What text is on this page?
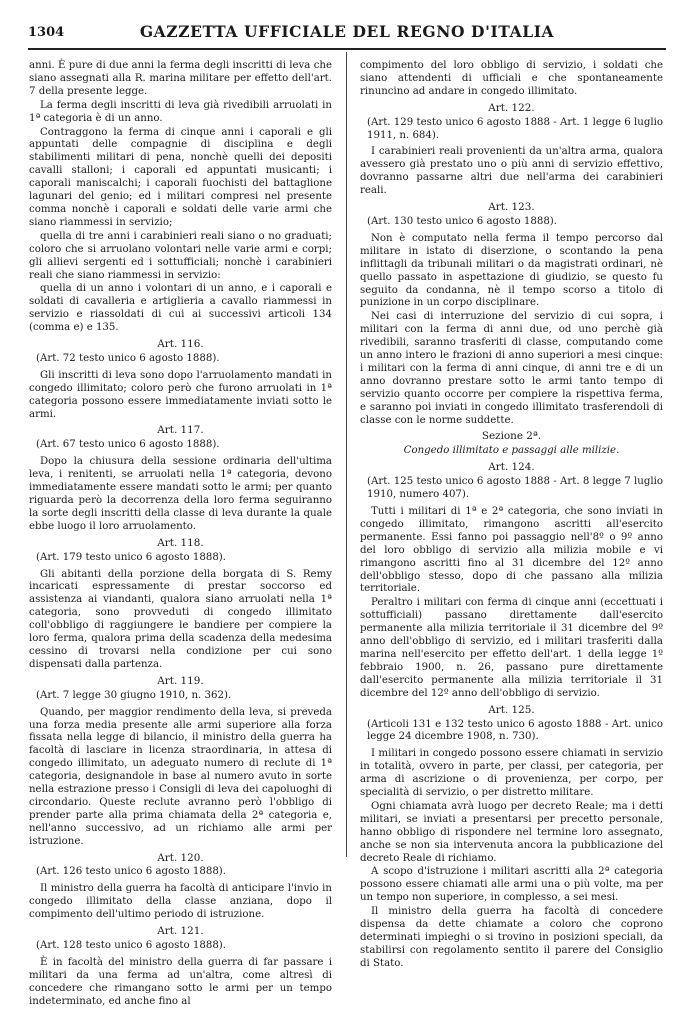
1304	GAZZETTA UFFICIALE DEL REGNO D'ITALIA

anni. È pure di due anni la ferma degli inscritti di leva che siano assegnati alla R. marina militare per effetto dell'art. 7 della presente legge.

La ferma degli inscritti di leva già rivedibili arruolati in 1ª categoria è di un anno.

Contraggono la ferma di cinque anni i caporali e gli appuntati delle compagnie di disciplina e degli stabilimenti militari di pena, nonchè quelli dei depositi cavalli stalloni; i caporali ed appuntati musicanti; i caporali maniscalchi; i caporali fuochisti del battaglione lagunari del genio; ed i militari compresi nel presente comma nonchè i caporali e soldati delle varie armi che siano riammessi in servizio;

quella di tre anni i carabinieri reali siano o no graduati; coloro che si arruolano volontari nelle varie armi e corpi; gli allievi sergenti ed i sottufficiali; nonchè i carabinieri reali che siano riammessi in servizio:

quella di un anno i volontari di un anno, e i caporali e soldati di cavalleria e artiglieria a cavallo riammessi in servizio e riassoldati di cui ai successivi articoli 134 (comma e) e 135.

Art. 116.

(Art. 72 testo unico 6 agosto 1888).

Gli inscritti di leva sono dopo l'arruolamento mandati in congedo illimitato; coloro però che furono arruolati in 1ª categoria possono essere immediatamente inviati sotto le armi.

Art. 117.

(Art. 67 testo unico 6 agosto 1888).

Dopo la chiusura della sessione ordinaria dell'ultima leva, i renitenti, se arruolati nella 1ª categoria, devono immediatamente essere mandati sotto le armi; per quanto riguarda però la decorrenza della loro ferma seguiranno la sorte degli inscritti della classe di leva durante la quale ebbe luogo il loro arruolamento.

Art. 118.

(Art. 179 testo unico 6 agosto 1888).

Gli abitanti della porzione della borgata di S. Remy incaricati espressamente di prestar soccorso ed assistenza ai viandanti, qualora siano arruolati nella 1ª categoria, sono provveduti di congedo illimitato coll'obbligo di raggiungere le bandiere per compiere la loro ferma, qualora prima della scadenza della medesima cessino di trovarsi nella condizione per cui sono dispensati dalla partenza.

Art. 119.

(Art. 7 legge 30 giugno 1910, n. 362).

Quando, per maggior rendimento della leva, si preveda una forza media presente alle armi superiore alla forza fissata nella legge di bilancio, il ministro della guerra ha facoltà di lasciare in licenza straordinaria, in attesa di congedo illimitato, un adeguato numero di reclute di 1ª categoria, designandole in base al numero avuto in sorte nella estrazione presso i Consigli di leva dei capoluoghi di circondario. Queste reclute avranno però l'obbligo di prender parte alla prima chiamata della 2ª categoria e, nell'anno successivo, ad un richiamo alle armi per istruzione.

Art. 120.

(Art. 126 testo unico 6 agosto 1888).

Il ministro della guerra ha facoltà di anticipare l'invio in congedo illimitato della classe anziana, dopo il compimento dell'ultimo periodo di istruzione.

Art. 121.

(Art. 128 testo unico 6 agosto 1888).

È in facoltà del ministro della guerra di far passare i militari da una ferma ad un'altra, come altresì di concedere che rimangano sotto le armi per un tempo indeterminato, ed anche fino al

compimento del loro obbligo di servizio, i soldati che siano attendenti di ufficiali e che spontaneamente rinuncino ad andare in congedo illimitato.

Art. 122.

(Art. 129 testo unico 6 agosto 1888 - Art. 1 legge 6 luglio 1911, n. 684).

I carabinieri reali provenienti da un'altra arma, qualora avessero già prestato uno o più anni di servizio effettivo, dovranno passarne altri due nell'arma dei carabinieri reali.

Art. 123.

(Art. 130 testo unico 6 agosto 1888).

Non è computato nella ferma il tempo percorso dal militare in istato di diserzione, o scontando la pena inflittagli da tribunali militari o da magistrati ordinari, nè quello passato in aspettazione di giudizio, se questo fu seguito da condanna, nè il tempo scorso a titolo di punizione in un corpo disciplinare.

Nei casi di interruzione del servizio di cui sopra, i militari con la ferma di anni due, od uno perchè già rivedibili, saranno trasferiti di classe, computando come un anno intero le frazioni di anno superiori a mesi cinque: i militari con la ferma di anni cinque, di anni tre e di un anno dovranno prestare sotto le armi tanto tempo di servizio quanto occorre per compiere la rispettiva ferma, e saranno poi inviati in congedo illimitato trasferendoli di classe con le norme suddette.

Sezione 2ª.
Congedo illimitato e passaggi alle milizie.
Art. 124.

(Art. 125 testo unico 6 agosto 1888 - Art. 8 legge 7 luglio 1910, numero 407).

Tutti i militari di 1ª e 2ª categoria, che sono inviati in congedo illimitato, rimangono ascritti all'esercito permanente. Essi fanno poi passaggio nell'8º o 9º anno del loro obbligo di servizio alla milizia mobile e vi rimangono ascritti fino al 31 dicembre del 12º anno dell'obbligo stesso, dopo di che passano alla milizia territoriale.

Peraltro i militari con ferma di cinque anni (eccettuati i sottufficiali) passano direttamente dall'esercito permanente alla milizia territoriale il 31 dicembre del 9º anno dell'obbligo di servizio, ed i militari trasferiti dalla marina nell'esercito per effetto dell'art. 1 della legge 1º febbraio 1900, n. 26, passano pure direttamente dall'esercito permanente alla milizia territoriale il 31 dicembre del 12º anno dell'obbligo di servizio.

Art. 125.

(Articoli 131 e 132 testo unico 6 agosto 1888 - Art. unico legge 24 dicembre 1908, n. 730).

I militari in congedo possono essere chiamati in servizio in totalità, ovvero in parte, per classi, per categoria, per arma di ascrizione o di provenienza, per corpo, per specialità di servizio, o per distretto militare.

Ogni chiamata avrà luogo per decreto Reale; ma i detti militari, se inviati a presentarsi per precetto personale, hanno obbligo di rispondere nel termine loro assegnato, anche se non sia intervenuta ancora la pubblicazione del decreto Reale di richiamo.

A scopo d'istruzione i militari ascritti alla 2ª categoria possono essere chiamati alle armi una o più volte, ma per un tempo non superiore, in complesso, a sei mesi.

Il ministro della guerra ha facoltà di concedere dispensa da dette chiamate a coloro che coprono determinati impieghi o si trovino in posizioni speciali, da stabilirsi con regolamento sentito il parere del Consiglio di Stato.
